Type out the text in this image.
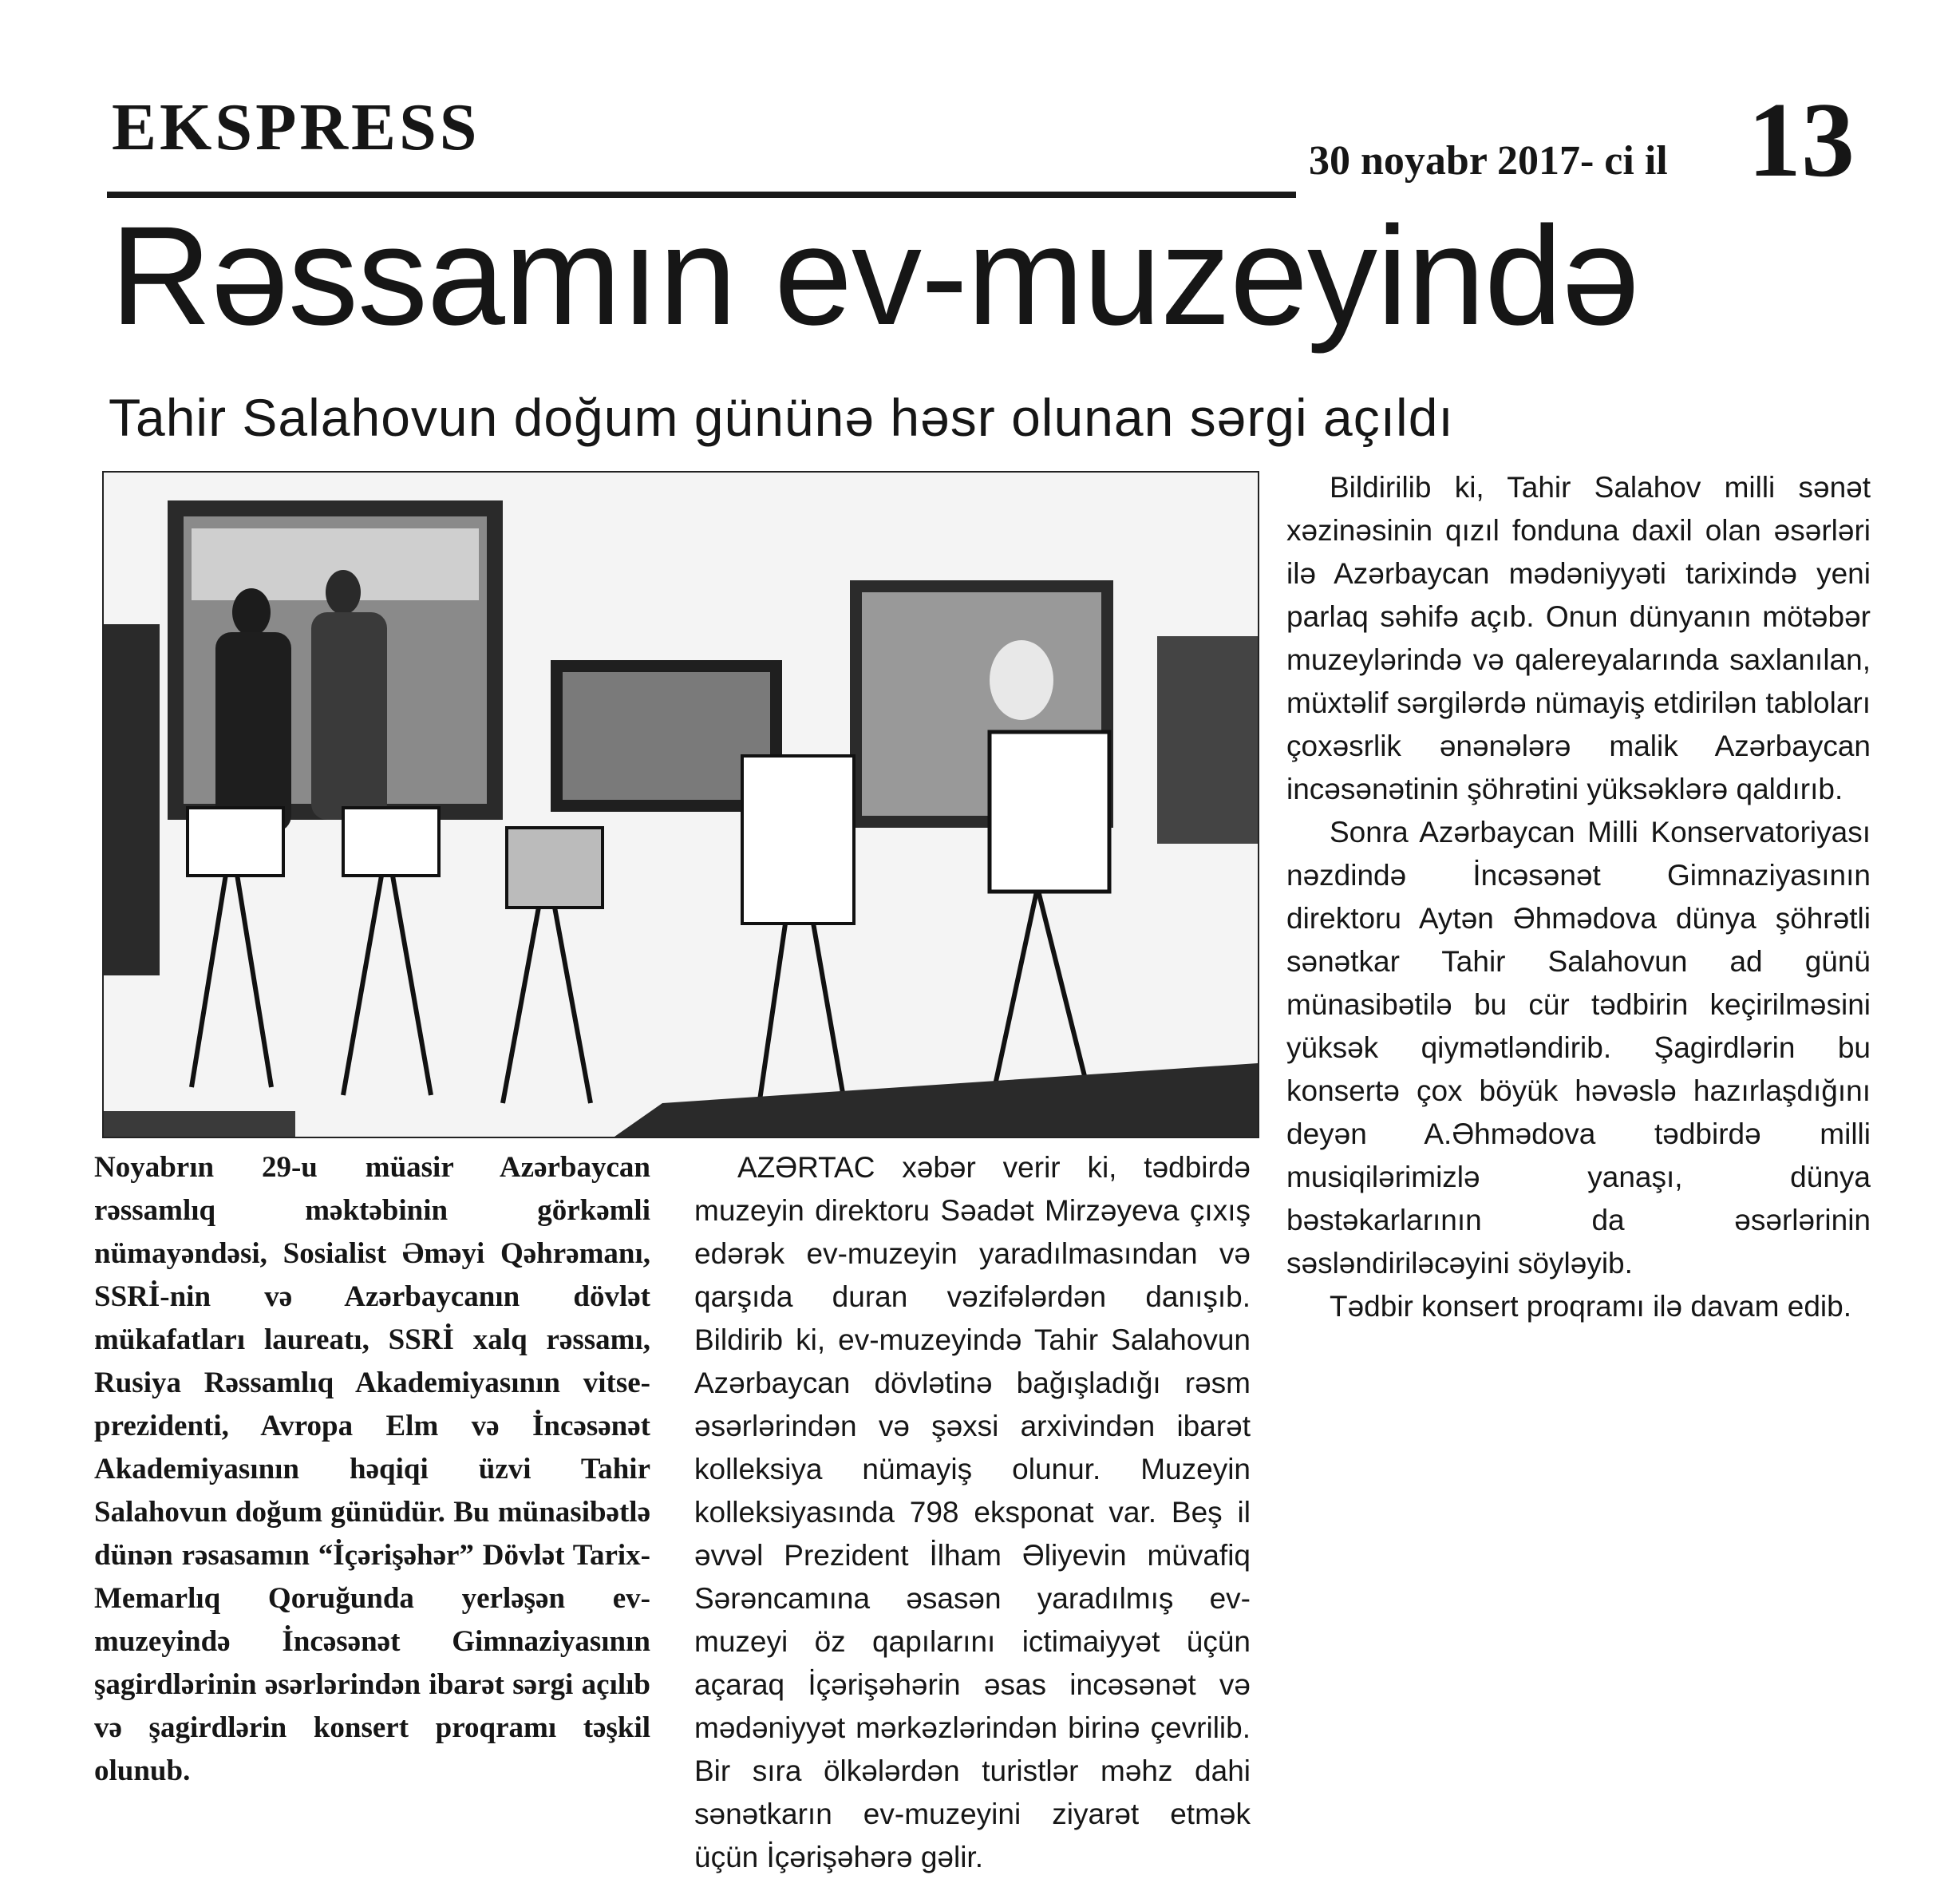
EKSPRESS	30 noyabr 2017- ci il 13
Rəssamın ev-muzeyində
Tahir Salahovun doğum gününə həsr olunan sərgi açıldı

Noyabrın 29-u müasir Azərbaycan rəssamlıq məktəbinin görkəmli nümayəndəsi, Sosialist Əməyi Qəhrəmanı, SSRİ-nin və Azərbaycanın dövlət mükafatları laureatı, SSRİ xalq rəssamı, Rusiya Rəssamlıq Akademiyasının vitse-prezidenti, Avropa Elm və İncəsənət Akademiyasının həqiqi üzvi Tahir Salahovun doğum günüdür. Bu münasibətlə dünən rəsasamın “İçərişəhər” Dövlət Tarix-Memarlıq Qoruğunda yerləşən ev-muzeyində İncəsənət Gimnaziyasının şagirdlərinin əsərlərindən ibarət sərgi açılıb və şagirdlərin konsert proqramı təşkil olunub.

AZƏRTAC xəbər verir ki, tədbirdə muzeyin direktoru Səadət Mirzəyeva çıxış edərək ev-muzeyin yaradılmasından və qarşıda duran vəzifələrdən danışıb. Bildirib ki, ev-muzeyində Tahir Salahovun Azərbaycan dövlətinə bağışladığı rəsm əsərlərindən və şəxsi arxivindən ibarət kolleksiya nümayiş olunur. Muzeyin kolleksiyasında 798 eksponat var. Beş il əvvəl Prezident İlham Əliyevin müvafiq Sərəncamına əsasən yaradılmış ev-muzeyi öz qapılarını ictimaiyyət üçün açaraq İçərişəhərin əsas incəsənət və mədəniyyət mərkəzlərindən birinə çevrilib. Bir sıra ölkələrdən turistlər məhz dahi sənətkarın ev-muzeyini ziyarət etmək üçün İçərişəhərə gəlir.

Bildirilib ki, Tahir Salahov milli sənət xəzinəsinin qızıl fonduna daxil olan əsərləri ilə Azərbaycan mədəniyyəti tarixində yeni parlaq səhifə açıb. Onun dünyanın mötəbər muzeylərində və qalereyalarında saxlanılan, müxtəlif sərgilərdə nümayiş etdirilən tabloları çoxəsrlik ənənələrə malik Azərbaycan incəsənətinin şöhrətini yüksəklərə qaldırıb.

Sonra Azərbaycan Milli Konservatoriyası nəzdində İncəsənət Gimnaziyasının direktoru Aytən Əhmədova dünya şöhrətli sənətkar Tahir Salahovun ad günü münasibətilə bu cür tədbirin keçirilməsini yüksək qiymətləndirib. Şagirdlərin bu konsertə çox böyük həvəslə hazırlaşdığını deyən A.Əhmədova tədbirdə milli musiqilərimizlə yanaşı, dünya bəstəkarlarının da əsərlərinin səsləndiriləcəyini söyləyib.

Tədbir konsert proqramı ilə davam edib.
